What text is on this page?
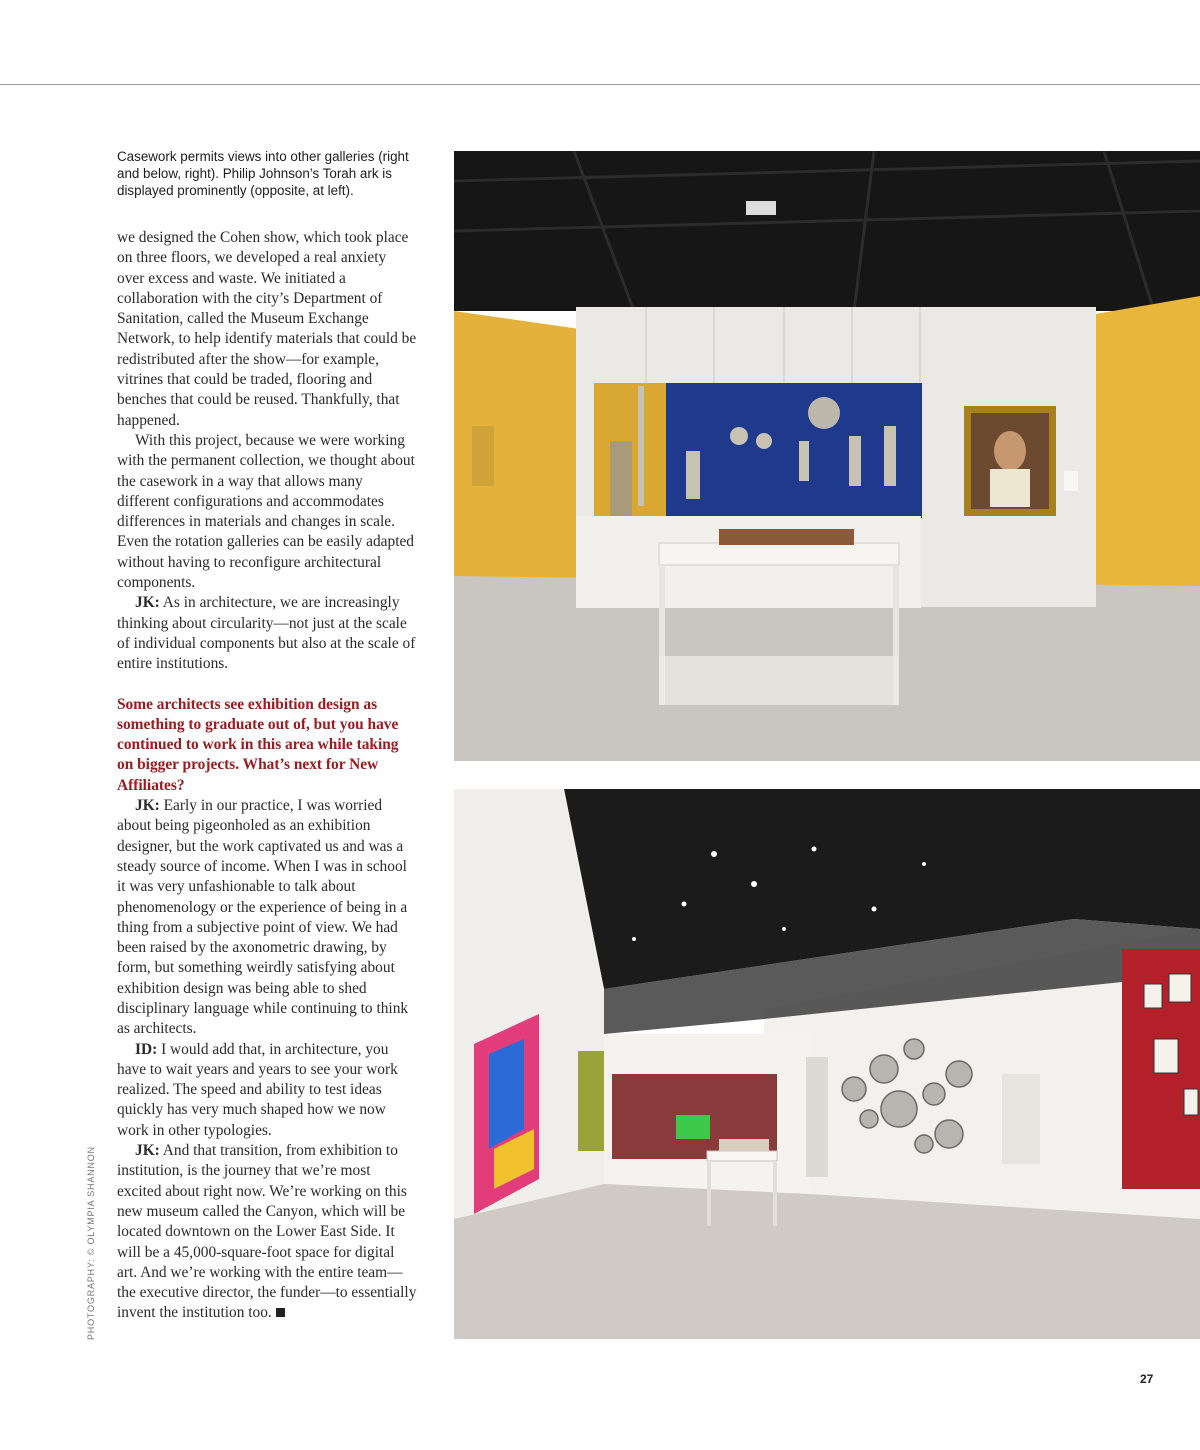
Casework permits views into other galleries (right and below, right). Philip Johnson’s Torah ark is displayed prominently (opposite, at left).

we designed the Cohen show, which took place on three floors, we developed a real anxiety over excess and waste. We initiated a collaboration with the city’s Department of Sanitation, called the Museum Exchange Network, to help identify materials that could be redistributed after the show—for example, vitrines that could be traded, flooring and benches that could be reused. Thankfully, that happened.

With this project, because we were working with the permanent collection, we thought about the casework in a way that allows many different configurations and accommodates differences in materials and changes in scale. Even the rotation galleries can be easily adapted without having to reconfigure architectural components.

JK: As in architecture, we are increasingly thinking about circularity—not just at the scale of individual components but also at the scale of entire institutions.

Some architects see exhibition design as something to graduate out of, but you have continued to work in this area while taking on bigger projects. What’s next for New Affiliates?

JK: Early in our practice, I was worried about being pigeonholed as an exhibition designer, but the work captivated us and was a steady source of income. When I was in school it was very unfashionable to talk about phenomenology or the experience of being in a thing from a subjective point of view. We had been raised by the axonometric drawing, by form, but something weirdly satisfying about exhibition design was being able to shed disciplinary language while continuing to think as architects.

ID: I would add that, in architecture, you have to wait years and years to see your work realized. The speed and ability to test ideas quickly has very much shaped how we now work in other typologies.

JK: And that transition, from exhibition to institution, is the journey that we’re most excited about right now. We’re working on this new museum called the Canyon, which will be located downtown on the Lower East Side. It will be a 45,000-square-foot space for digital art. And we’re working with the entire team—the executive director, the funder—to essentially invent the institution too.

PHOTOGRAPHY: © OLYMPIA SHANNON
27
